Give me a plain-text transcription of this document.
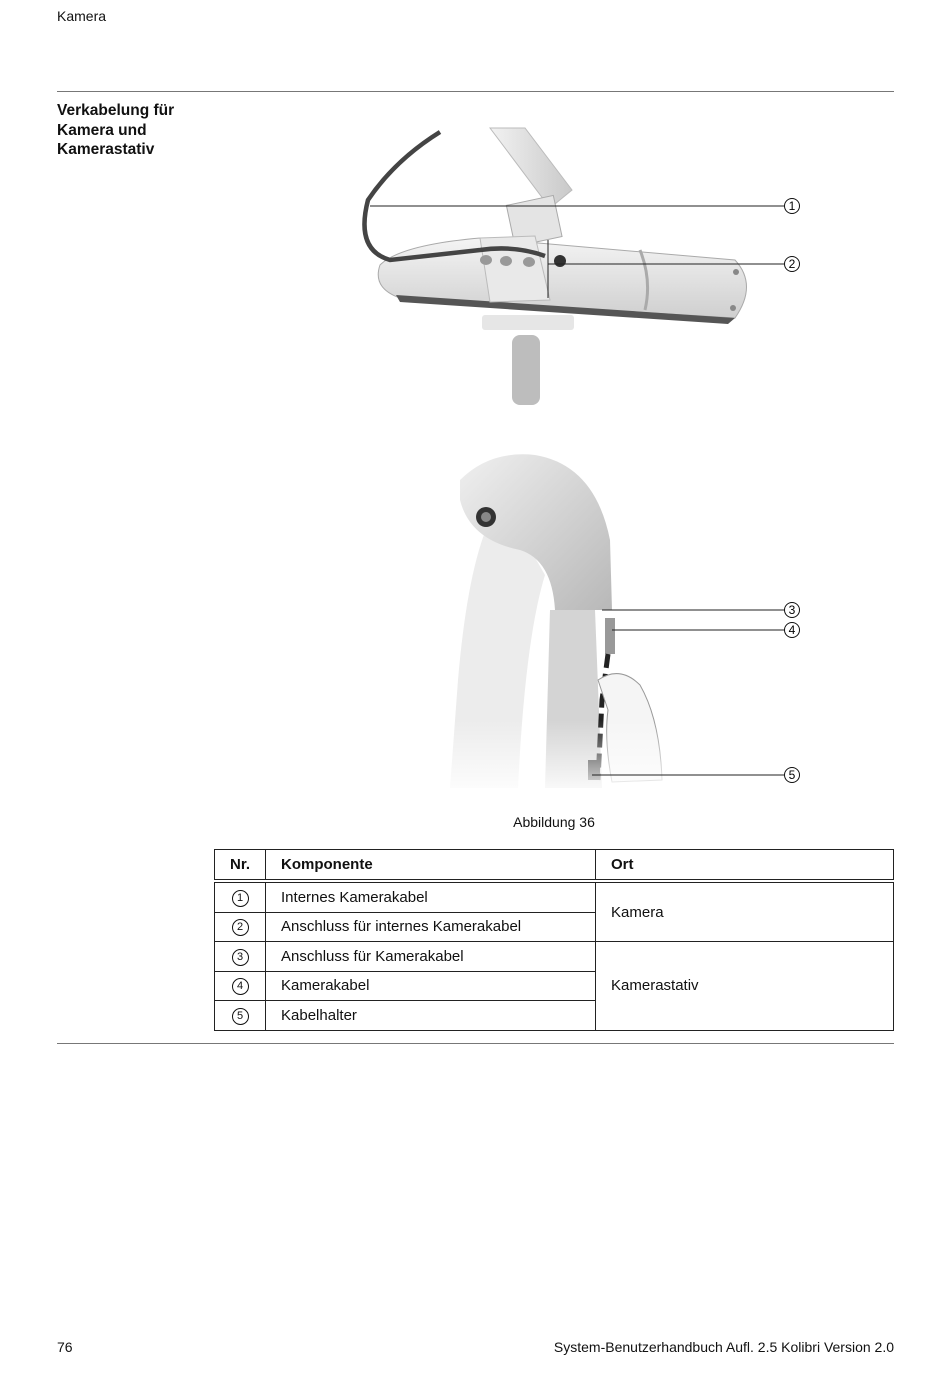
Kamera
Verkabelung für Kamera und Kamerastativ
1
2
3
4
5
Abbildung 36
Nr.	Komponente	Ort
1	Internes Kamerakabel	Kamera
2	Anschluss für internes Kamerakabel	
3	Anschluss für Kamerakabel	Kamerastativ
4	Kamerakabel	
5	Kabelhalter	
76	System-Benutzerhandbuch Aufl. 2.5 Kolibri Version 2.0
